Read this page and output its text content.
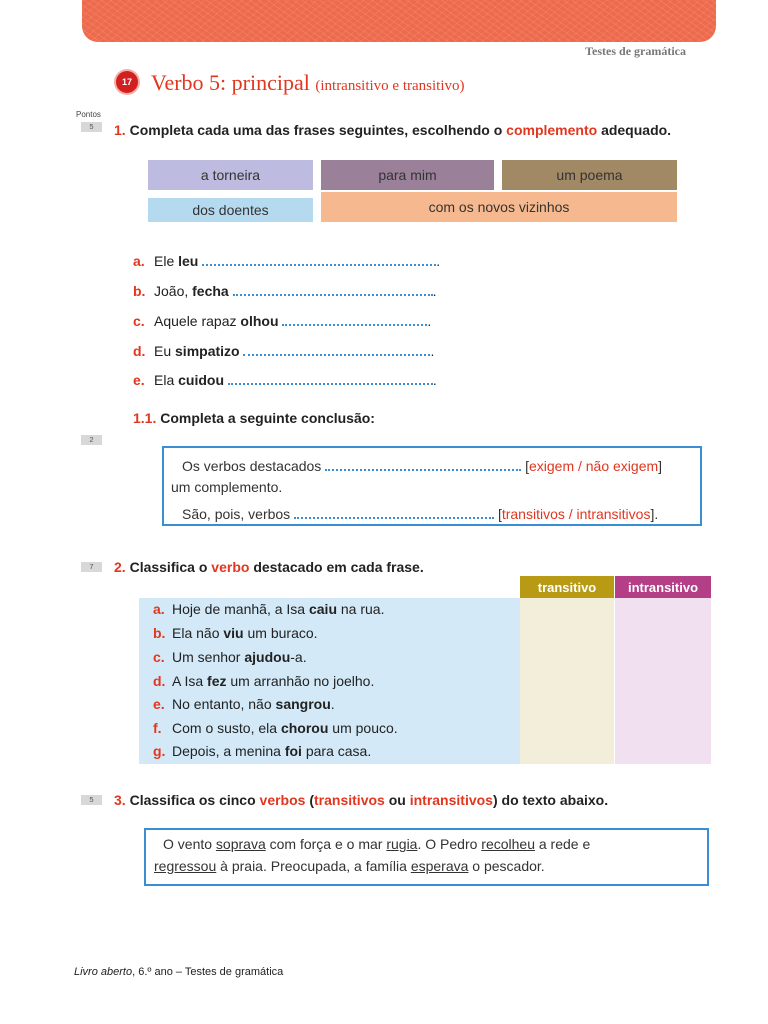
Testes de gramática
17 Verbo 5: principal (intransitivo e transitivo)
Pontos
5	1. Completa cada uma das frases seguintes, escolhendo o complemento adequado.
a torneira	para mim	um poema
dos doentes	com os novos vizinhos
a. Ele leu	.
b. João, fecha	.
c. Aquele rapaz olhou	.
d. Eu simpatizo	.
e. Ela cuidou	.
1.1. Completa a seguinte conclusão:
2
Os verbos destacados	[exigem / não exigem]
um complemento.
São, pois, verbos	[transitivos / intransitivos].
7	2. Classifica o verbo destacado em cada frase.
transitivo	intransitivo
a. Hoje de manhã, a Isa caiu na rua.
b. Ela não viu um buraco.
c. Um senhor ajudou-a.
d. A Isa fez um arranhão no joelho.
e. No entanto, não sangrou.
f. Com o susto, ela chorou um pouco.
g. Depois, a menina foi para casa.
5	3. Classifica os cinco verbos (transitivos ou intransitivos) do texto abaixo.
O vento soprava com força e o mar rugia. O Pedro recolheu a rede e
regressou à praia. Preocupada, a família esperava o pescador.
Livro aberto, 6.º ano – Testes de gramática
